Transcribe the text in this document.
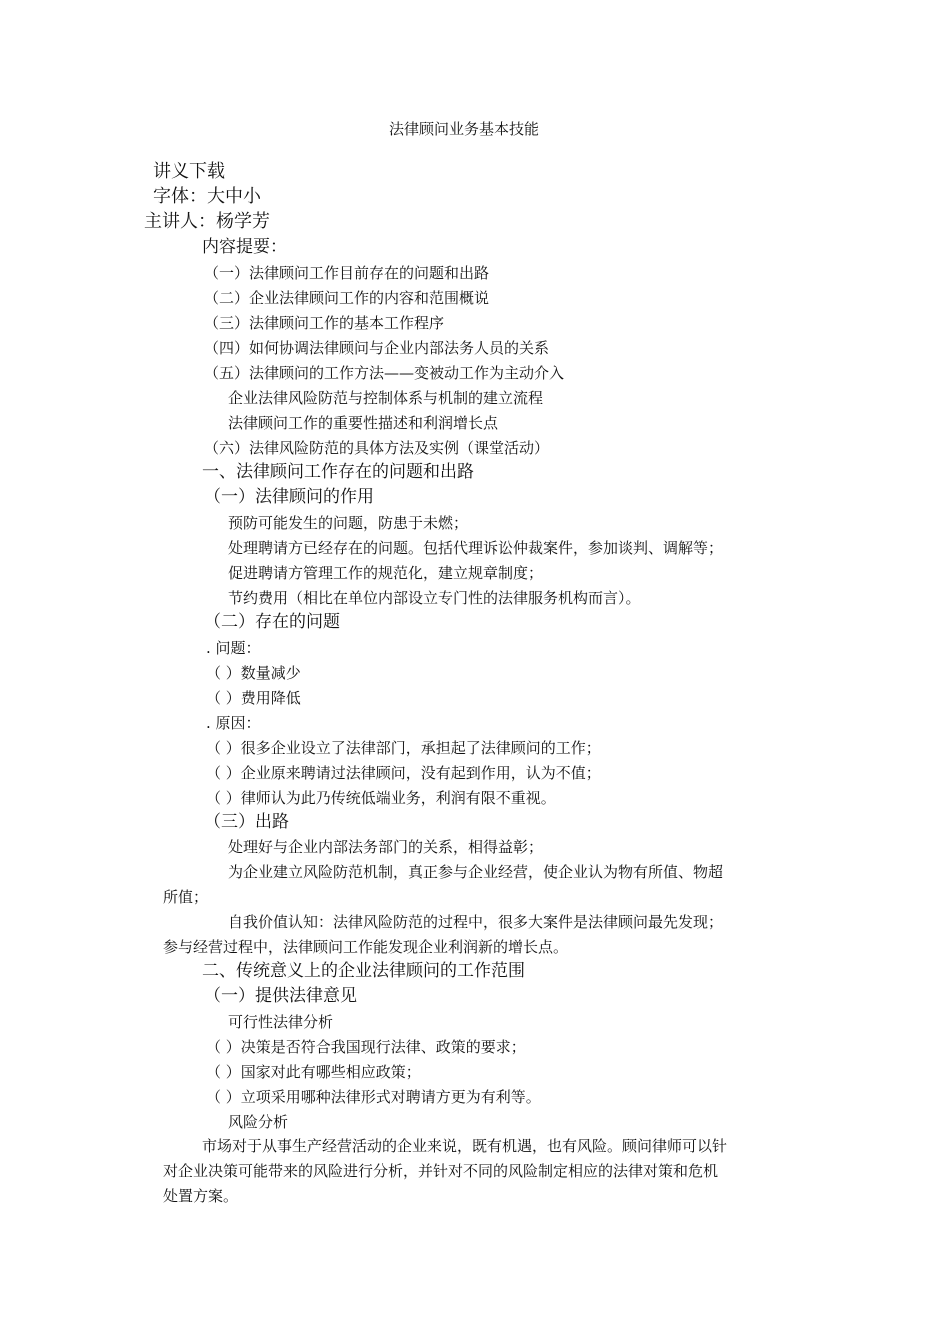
法律顾问业务基本技能
讲义下载
字体：大中小
主讲人：杨学芳
内容提要：
（一）法律顾问工作目前存在的问题和出路
（二）企业法律顾问工作的内容和范围概说
（三）法律顾问工作的基本工作程序
（四）如何协调法律顾问与企业内部法务人员的关系
（五）法律顾问的工作方法——变被动工作为主动介入
企业法律风险防范与控制体系与机制的建立流程
法律顾问工作的重要性描述和利润增长点
（六）法律风险防范的具体方法及实例（课堂活动）
一、法律顾问工作存在的问题和出路
（一）法律顾问的作用
预防可能发生的问题，防患于未燃；
处理聘请方已经存在的问题。包括代理诉讼仲裁案件，参加谈判、调解等；
促进聘请方管理工作的规范化，建立规章制度；
节约费用（相比在单位内部设立专门性的法律服务机构而言）。
（二）存在的问题
. 问题：
（ ）数量减少
（ ）费用降低
. 原因：
（ ）很多企业设立了法律部门，承担起了法律顾问的工作；
（ ）企业原来聘请过法律顾问，没有起到作用，认为不值；
（ ）律师认为此乃传统低端业务，利润有限不重视。
（三）出路
处理好与企业内部法务部门的关系，相得益彰；
为企业建立风险防范机制，真正参与企业经营，使企业认为物有所值、物超
所值；
自我价值认知：法律风险防范的过程中，很多大案件是法律顾问最先发现；
参与经营过程中，法律顾问工作能发现企业利润新的增长点。
二、传统意义上的企业法律顾问的工作范围
（一）提供法律意见
可行性法律分析
（ ）决策是否符合我国现行法律、政策的要求；
（ ）国家对此有哪些相应政策；
（ ）立项采用哪种法律形式对聘请方更为有利等。
风险分析
市场对于从事生产经营活动的企业来说，既有机遇，也有风险。顾问律师可以针
对企业决策可能带来的风险进行分析，并针对不同的风险制定相应的法律对策和危机
处置方案。
